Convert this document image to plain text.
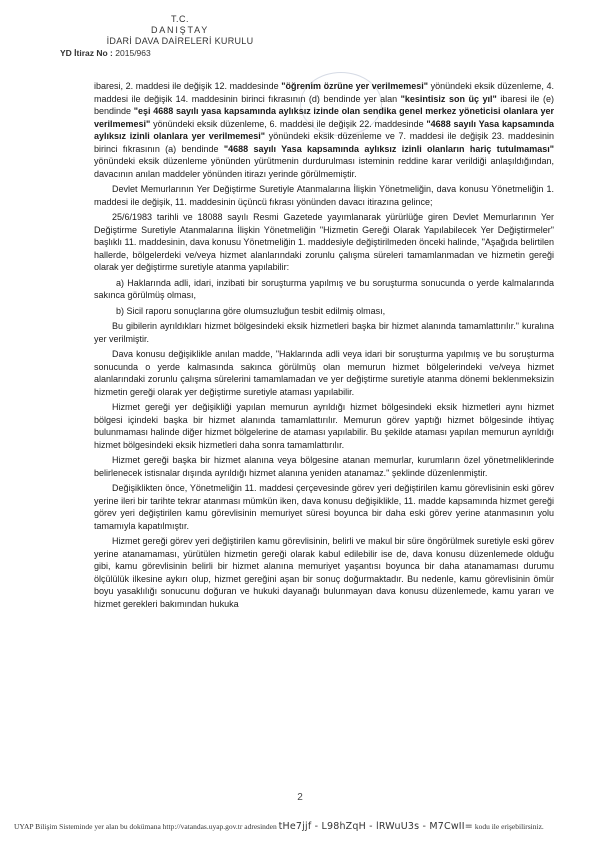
T.C.
DANIŞTAY
İDARİ DAVA DAİRELERİ KURULU
YD İtiraz No : 2015/963

ibaresi, 2. maddesi ile değişik 12. maddesinde "öğrenim özrüne yer verilmemesi" yönündeki eksik düzenleme, 4. maddesi ile değişik 14. maddesinin birinci fıkrasının (d) bendinde yer alan "kesintisiz son üç yıl" ibaresi ile (e) bendinde "eşi 4688 sayılı yasa kapsamında aylıksız izinde olan sendika genel merkez yöneticisi olanlara yer verilmemesi" yönündeki eksik düzenleme, 6. maddesi ile değişik 22. maddesinde "4688 sayılı Yasa kapsamında aylıksız izinli olanlara yer verilmemesi" yönündeki eksik düzenleme ve 7. maddesi ile değişik 23. maddesinin birinci fıkrasının (a) bendinde "4688 sayılı Yasa kapsamında aylıksız izinli olanların hariç tutulmaması" yönündeki eksik düzenleme yönünden yürütmenin durdurulması isteminin reddine karar verildiği anlaşıldığından, davacının anılan maddeler yönünden itirazı yerinde görülmemiştir.

Devlet Memurlarının Yer Değiştirme Suretiyle Atanmalarına İlişkin Yönetmeliğin, dava konusu Yönetmeliğin 1. maddesi ile değişik, 11. maddesinin üçüncü fıkrası yönünden davacı itirazına gelince;

25/6/1983 tarihli ve 18088 sayılı Resmi Gazetede yayımlanarak yürürlüğe giren Devlet Memurlarının Yer Değiştirme Suretiyle Atanmalarına İlişkin Yönetmeliğin "Hizmetin Gereği Olarak Yapılabilecek Yer Değiştirmeler" başlıklı 11. maddesinin, dava konusu Yönetmeliğin 1. maddesiyle değiştirilmeden önceki halinde, "Aşağıda belirtilen hallerde, bölgelerdeki ve/veya hizmet alanlarındaki zorunlu çalışma süreleri tamamlanmadan ve hizmetin gereği olarak yer değiştirme suretiyle atanma yapılabilir:

a) Haklarında adli, idari, inzibati bir soruşturma yapılmış ve bu soruşturma sonucunda o yerde kalmalarında sakınca görülmüş olması,

b) Sicil raporu sonuçlarına göre olumsuzluğun tesbit edilmiş olması,

Bu gibilerin ayrıldıkları hizmet bölgesindeki eksik hizmetleri başka bir hizmet alanında tamamlattırılır." kuralına yer verilmiştir.

Dava konusu değişiklikle anılan madde, "Haklarında adli veya idari bir soruşturma yapılmış ve bu soruşturma sonucunda o yerde kalmasında sakınca görülmüş olan memurun hizmet bölgelerindeki ve/veya hizmet alanlarındaki zorunlu çalışma sürelerini tamamlamadan ve yer değiştirme suretiyle atanma dönemi beklenmeksizin hizmetin gereği olarak yer değiştirme suretiyle ataması yapılabilir.

Hizmet gereği yer değişikliği yapılan memurun ayrıldığı hizmet bölgesindeki eksik hizmetleri aynı hizmet bölgesi içindeki başka bir hizmet alanında tamamlattırılır. Memurun görev yaptığı hizmet bölgesinde ihtiyaç bulunmaması halinde diğer hizmet bölgelerine de ataması yapılabilir. Bu şekilde ataması yapılan memurun ayrıldığı hizmet bölgesindeki eksik hizmetleri daha sonra tamamlattırılır.

Hizmet gereği başka bir hizmet alanına veya bölgesine atanan memurlar, kurumların özel yönetmeliklerinde belirlenecek istisnalar dışında ayrıldığı hizmet alanına yeniden atanamaz." şeklinde düzenlenmiştir.

Değişiklikten önce, Yönetmeliğin 11. maddesi çerçevesinde görev yeri değiştirilen kamu görevlisinin eski görev yerine ileri bir tarihte tekrar atanması mümkün iken, dava konusu değişiklikle, 11. madde kapsamında hizmet gereği görev yeri değiştirilen kamu görevlisinin memuriyet süresi boyunca bir daha eski görev yerine atanmasının yolu tamamıyla kapatılmıştır.

Hizmet gereği görev yeri değiştirilen kamu görevlisinin, belirli ve makul bir süre öngörülmek suretiyle eski görev yerine atanamaması, yürütülen hizmetin gereği olarak kabul edilebilir ise de, dava konusu düzenlemede olduğu gibi, kamu görevlisinin belirli bir hizmet alanına memuriyet yaşantısı boyunca bir daha atanamaması durumu ölçülülük ilkesine aykırı olup, hizmet gereğini aşan bir sonuç doğurmaktadır. Bu nedenle, kamu görevlisinin ömür boyu yasaklılığı sonucunu doğuran ve hukuki dayanağı bulunmayan dava konusu düzenlemede, kamu yararı ve hizmet gerekleri bakımından hukuka

2
UYAP Bilişim Sisteminde yer alan bu dokümana http://vatandas.uyap.gov.tr adresinden tHe7jjf - L98hZqH - lRWuU3s - M7CwII= kodu ile erişebilirsiniz.
